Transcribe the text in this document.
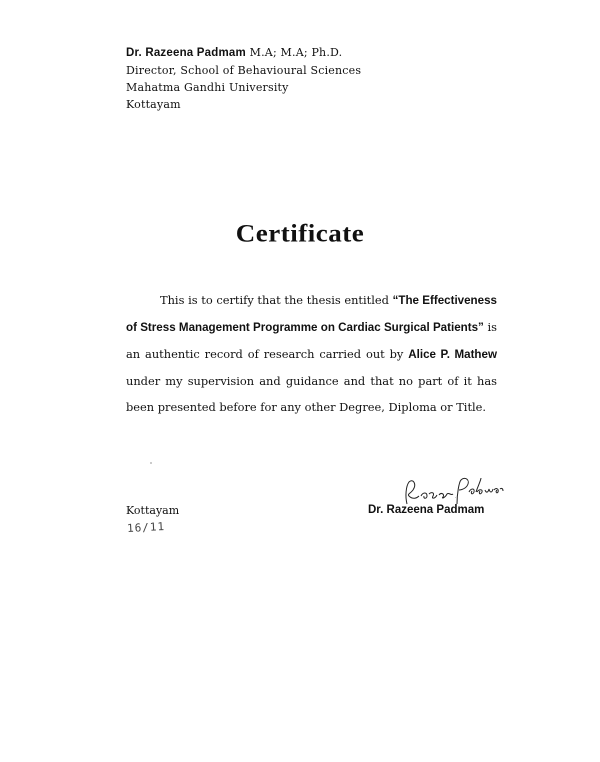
Dr. Razeena Padmam M.A; M.A; Ph.D.
Director, School of Behavioural Sciences
Mahatma Gandhi University
Kottayam
Certificate
This is to certify that the thesis entitled “The Effectiveness of Stress Management Programme on Cardiac Surgical Patients” is an authentic record of research carried out by Alice P. Mathew under my supervision and guidance and that no part of it has been presented before for any other Degree, Diploma or Title.
Kottayam
16/11
Dr. Razeena Padmam
